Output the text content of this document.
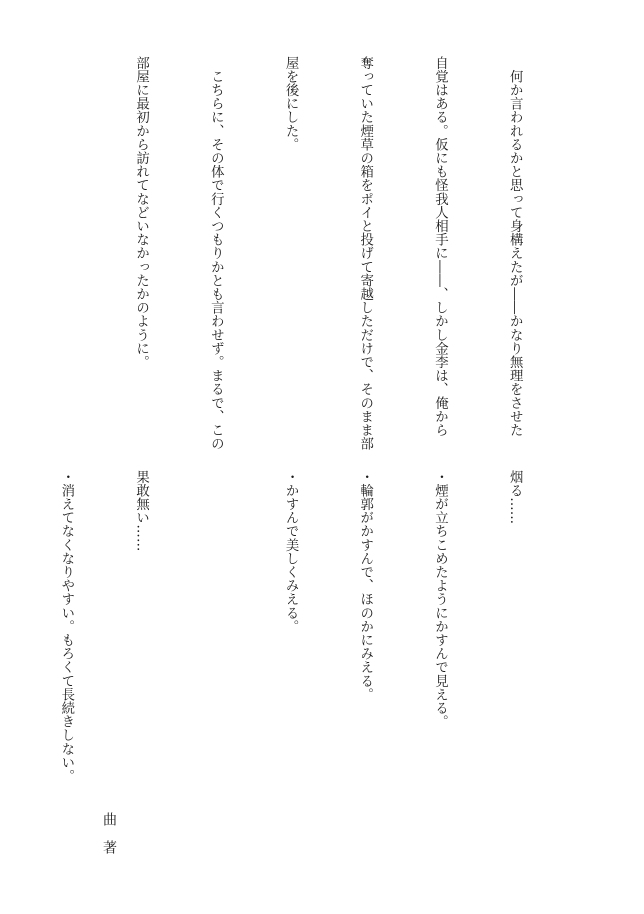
　何か言われるかと思って身構えたが――かなり無理をさせた

自覚はある。仮にも怪我人相手に――、しかし金李は、俺から

奪っていた煙草の箱をポイと投げて寄越しただけで、そのまま部

屋を後にした。

　こちらに、その体で行くつもりかとも言わせず。まるで、この

部屋に最初から訪れてなどいなかったかのように。

烟る……

・煙が立ちこめたようにかすんで見える。

・輪郭がかすんで、ほのかにみえる。

・かすんで美しくみえる。

果敢無い……

・消えてなくなりやすい。もろくて長続きしない。

曲著
